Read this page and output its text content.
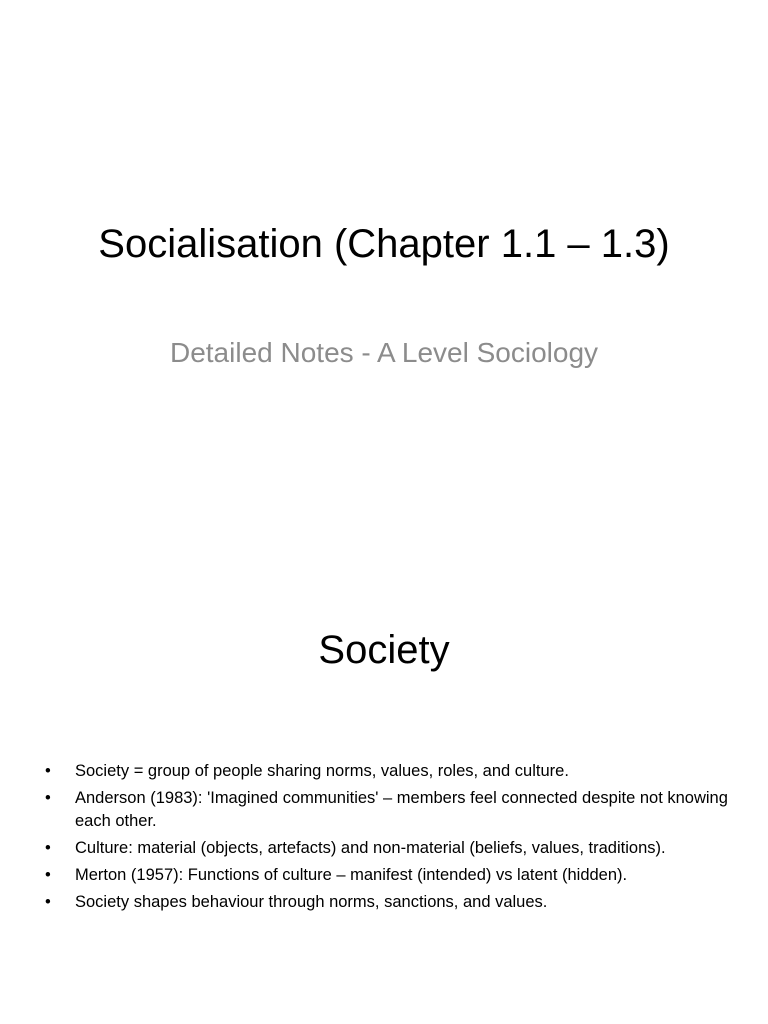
Socialisation (Chapter 1.1 – 1.3)

Detailed Notes - A Level Sociology

Society
•	Society = group of people sharing norms, values, roles, and culture.
•	Anderson (1983): 'Imagined communities' – members feel connected despite not knowing each other.
•	Culture: material (objects, artefacts) and non-material (beliefs, values, traditions).
•	Merton (1957): Functions of culture – manifest (intended) vs latent (hidden).
•	Society shapes behaviour through norms, sanctions, and values.
